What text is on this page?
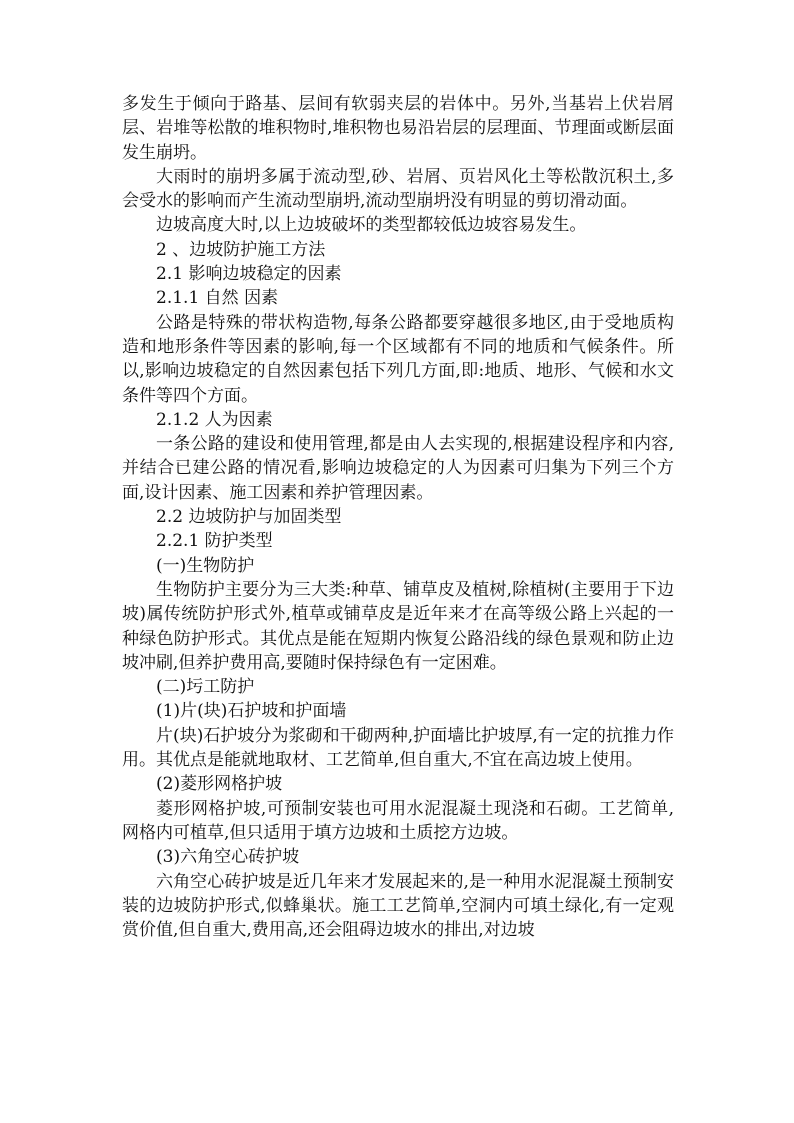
多发生于倾向于路基、层间有软弱夹层的岩体中。另外,当基岩上伏岩屑层、岩堆等松散的堆积物时,堆积物也易沿岩层的层理面、节理面或断层面发生崩坍。

大雨时的崩坍多属于流动型,砂、岩屑、页岩风化土等松散沉积土,多会受水的影响而产生流动型崩坍,流动型崩坍没有明显的剪切滑动面。

边坡高度大时,以上边坡破坏的类型都较低边坡容易发生。

2 、边坡防护施工方法

2.1 影响边坡稳定的因素

2.1.1 自然 因素

公路是特殊的带状构造物,每条公路都要穿越很多地区,由于受地质构造和地形条件等因素的影响,每一个区域都有不同的地质和气候条件。所以,影响边坡稳定的自然因素包括下列几方面,即:地质、地形、气候和水文条件等四个方面。

2.1.2 人为因素

一条公路的建设和使用管理,都是由人去实现的,根据建设程序和内容,并结合已建公路的情况看,影响边坡稳定的人为因素可归集为下列三个方面,设计因素、施工因素和养护管理因素。

2.2 边坡防护与加固类型

2.2.1 防护类型

(一)生物防护

生物防护主要分为三大类:种草、铺草皮及植树,除植树(主要用于下边坡)属传统防护形式外,植草或铺草皮是近年来才在高等级公路上兴起的一种绿色防护形式。其优点是能在短期内恢复公路沿线的绿色景观和防止边坡冲刷,但养护费用高,要随时保持绿色有一定困难。

(二)圬工防护

(1)片(块)石护坡和护面墙

片(块)石护坡分为浆砌和干砌两种,护面墙比护坡厚,有一定的抗推力作用。其优点是能就地取材、工艺简单,但自重大,不宜在高边坡上使用。

(2)菱形网格护坡

菱形网格护坡,可预制安装也可用水泥混凝土现浇和石砌。工艺简单,网格内可植草,但只适用于填方边坡和土质挖方边坡。

(3)六角空心砖护坡

六角空心砖护坡是近几年来才发展起来的,是一种用水泥混凝土预制安装的边坡防护形式,似蜂巢状。施工工艺简单,空洞内可填土绿化,有一定观赏价值,但自重大,费用高,还会阻碍边坡水的排出,对边坡
